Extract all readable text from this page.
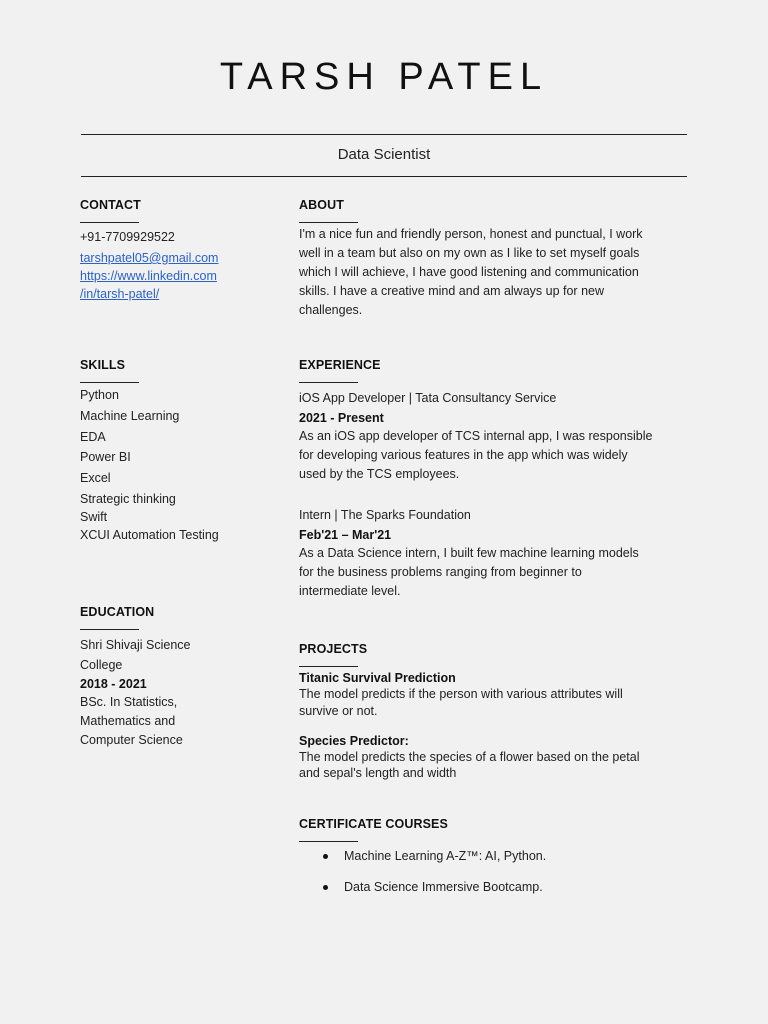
TARSH PATEL
Data Scientist
CONTACT
+91-7709929522
tarshpatel05@gmail.com
https://www.linkedin.com
/in/tarsh-patel/
SKILLS
Python
Machine Learning
EDA
Power BI
Excel
Strategic thinking
Swift
XCUI Automation Testing
EDUCATION
Shri Shivaji Science
College
2018 - 2021
BSc. In Statistics,
Mathematics and
Computer Science
ABOUT
I'm a nice fun and friendly person, honest and punctual, I work
well in a team but also on my own as I like to set myself goals
which I will achieve, I have good listening and communication
skills. I have a creative mind and am always up for new
challenges.
EXPERIENCE
iOS App Developer | Tata Consultancy Service
2021 - Present
As an iOS app developer of TCS internal app, I was responsible
for developing various features in the app which was widely
used by the TCS employees.
Intern | The Sparks Foundation
Feb'21 – Mar'21
As a Data Science intern, I built few machine learning models
for the business problems ranging from beginner to
intermediate level.
PROJECTS
Titanic Survival Prediction
The model predicts if the person with various attributes will
survive or not.
Species Predictor:
The model predicts the species of a flower based on the petal
and sepal's length and width
CERTIFICATE COURSES
Machine Learning A-Z™: AI, Python.
Data Science Immersive Bootcamp.
